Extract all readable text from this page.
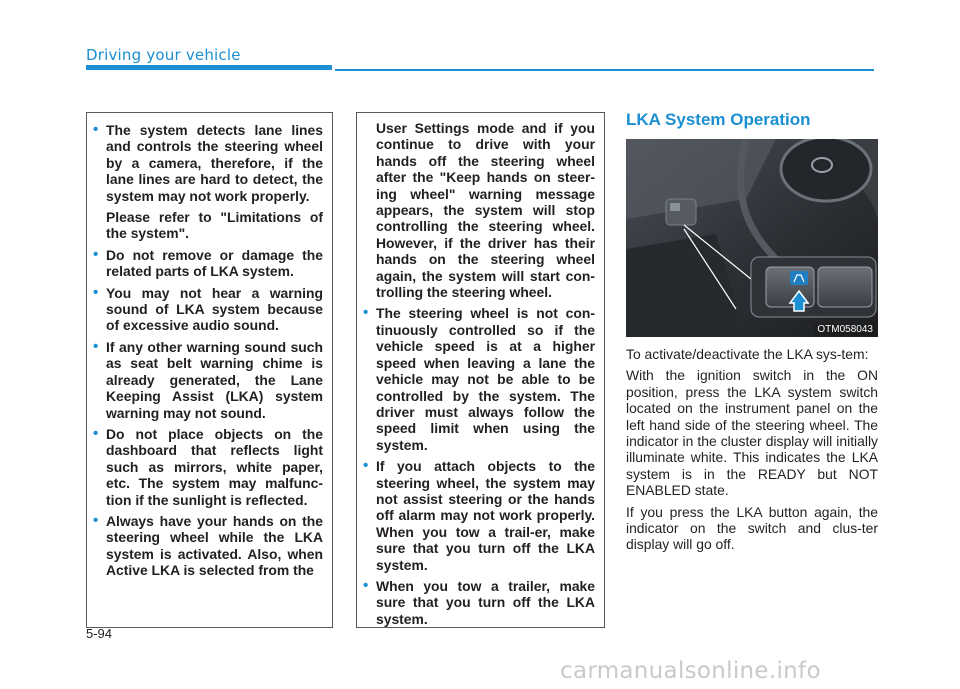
Driving your vehicle
• The system detects lane lines and controls the steering wheel by a camera, therefore, if the lane lines are hard to detect, the system may not work properly.
Please refer to "Limitations of the system".
• Do not remove or damage the related parts of LKA system.
• You may not hear a warning sound of LKA system because of excessive audio sound.
• If any other warning sound such as seat belt warning chime is already generated, the Lane Keeping Assist (LKA) system warning may not sound.
• Do not place objects on the dashboard that reflects light such as mirrors, white paper, etc. The system may malfunc-tion if the sunlight is reflected.
• Always have your hands on the steering wheel while the LKA system is activated. Also, when Active LKA is selected from the
User Settings mode and if you continue to drive with your hands off the steering wheel after the "Keep hands on steer-ing wheel" warning message appears, the system will stop controlling the steering wheel. However, if the driver has their hands on the steering wheel again, the system will start con-trolling the steering wheel.
• The steering wheel is not con-tinuously controlled so if the vehicle speed is at a higher speed when leaving a lane the vehicle may not be able to be controlled by the system. The driver must always follow the speed limit when using the system.
• If you attach objects to the steering wheel, the system may not assist steering or the hands off alarm may not work properly. When you tow a trail-er, make sure that you turn off the LKA system.
• When you tow a trailer, make sure that you turn off the LKA system.
LKA System Operation
OTM058043

To activate/deactivate the LKA sys-tem:

With the ignition switch in the ON position, press the LKA system switch located on the instrument panel on the left hand side of the steering wheel. The indicator in the cluster display will initially illuminate white. This indicates the LKA system is in the READY but NOT ENABLED state.

If you press the LKA button again, the indicator on the switch and clus-ter display will go off.

5-94
carmanualsonline.info
